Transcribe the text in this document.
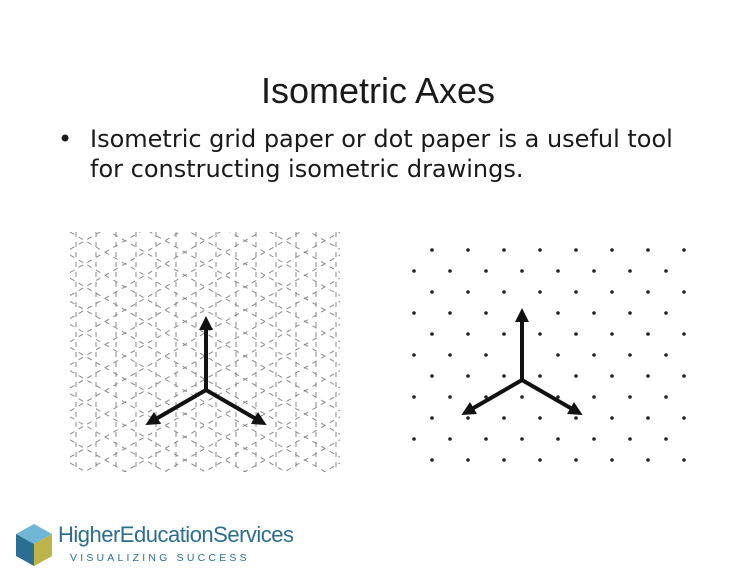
Isometric Axes
• Isometric grid paper or dot paper is a useful tool for constructing isometric drawings.
HigherEducationServices
VISUALIZING SUCCESS
